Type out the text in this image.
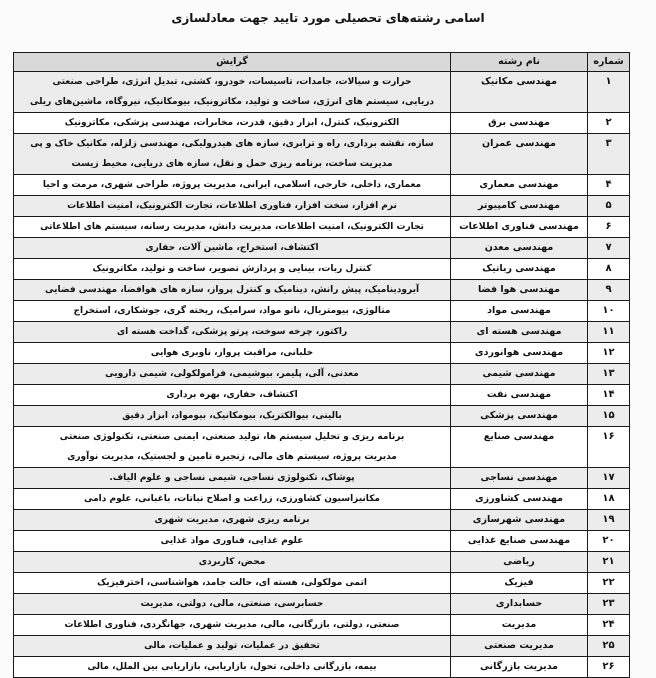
اسامی رشته‌های تحصیلی مورد تایید جهت معادلسازی
شماره	نام رشته	گرایش
۱	مهندسی مکانیک	حرارت و سیالات، جامدات، تاسیسات، خودرو، کشتی، تبدیل انرژی، طراحی صنعتی
دریایی، سیستم های انرژی، ساخت و تولید، مکاترونیک، بیومکانیک، نیروگاه، ماشین‌های ریلی

۲	مهندسی برق	الکترونیک، کنترل، ابزار دقیق، قدرت، مخابرات، مهندسی پزشکی، مکاترونیک

۳	مهندسی عمران	سازه، نقشه برداری، راه و ترابری، سازه های هیدرولیکی، مهندسی زلزله، مکانیک خاک و پی
مدیریت ساخت، برنامه ریزی حمل و نقل، سازه های دریایی، محیط زیست

۴	مهندسی معماری	معماری، داخلی، خارجی، اسلامی، ایرانی، مدیریت پروژه، طراحی شهری، مرمت و احیا

۵	مهندسی کامپیوتر	نرم افزار، سخت افزار، فناوری اطلاعات، تجارت الکترونیک، امنیت اطلاعات

۶	مهندسی فناوری اطلاعات	تجارت الکترونیک، امنیت اطلاعات، مدیریت دانش، مدیریت رسانه، سیستم های اطلاعاتی

۷	مهندسی معدن	اکتشاف، استخراج، ماشین آلات، حفاری

۸	مهندسی رباتیک	کنترل ربات، بینایی و پردازش تصویر، ساخت و تولید، مکاترونیک

۹	مهندسی هوا فضا	آیرودینامیک، پیش رانش، دینامیک و کنترل پرواز، سازه های هوافضا، مهندسی فضایی

۱۰	مهندسی مواد	متالوژی، بیومتریال، نانو مواد، سرامیک، ریخته گری، جوشکاری، استخراج

۱۱	مهندسی هسته ای	راکتور، چرخه سوخت، پرتو پزشکی، گداخت هسته ای

۱۲	مهندسی هوانوردی	خلبانی، مراقبت پرواز، ناوبری هوایی

۱۳	مهندسی شیمی	معدنی، آلی، پلیمر، بیوشیمی، فرامولکولی، شیمی دارویی

۱۴	مهندسی نفت	اکتشاف، حفاری، بهره برداری

۱۵	مهندسی پزشکی	بالینی، بیوالکتریک، بیومکانیک، بیومواد، ابزار دقیق

۱۶	مهندسی صنایع	برنامه ریزی و تحلیل سیستم ها، تولید صنعتی، ایمنی صنعتی، تکنولوژی صنعتی
مدیریت پروژه، سیستم های مالی، زنجیره تامین و لجستیک، مدیریت نوآوری

۱۷	مهندسی نساجی	پوشاک، تکنولوژی نساجی، شیمی نساجی و علوم الیاف.

۱۸	مهندسی کشاورزی	مکانیزاسیون کشاورزی، زراعت و اصلاح نباتات، باغبانی، علوم دامی

۱۹	مهندسی شهرسازی	برنامه ریزی شهری، مدیریت شهری

۲۰	مهندسی صنایع غذایی	علوم غذایی، فناوری مواد غذایی

۲۱	ریاضی	محض، کاربردی

۲۲	فیزیک	اتمی مولکولی، هسته ای، حالت جامد، هواشناسی، اخترفیزیک

۲۳	حسابداری	حسابرسی، صنعتی، مالی، دولتی، مدیریت

۲۴	مدیریت	صنعتی، دولتی، بازرگانی، مالی، مدیریت شهری، جهانگردی، فناوری اطلاعات

۲۵	مدیریت صنعتی	تحقیق در عملیات، تولید و عملیات، مالی

۲۶	مدیریت بازرگانی	بیمه، بازرگانی داخلی، تحول، بازاریابی، بازاریابی بین الملل، مالی
